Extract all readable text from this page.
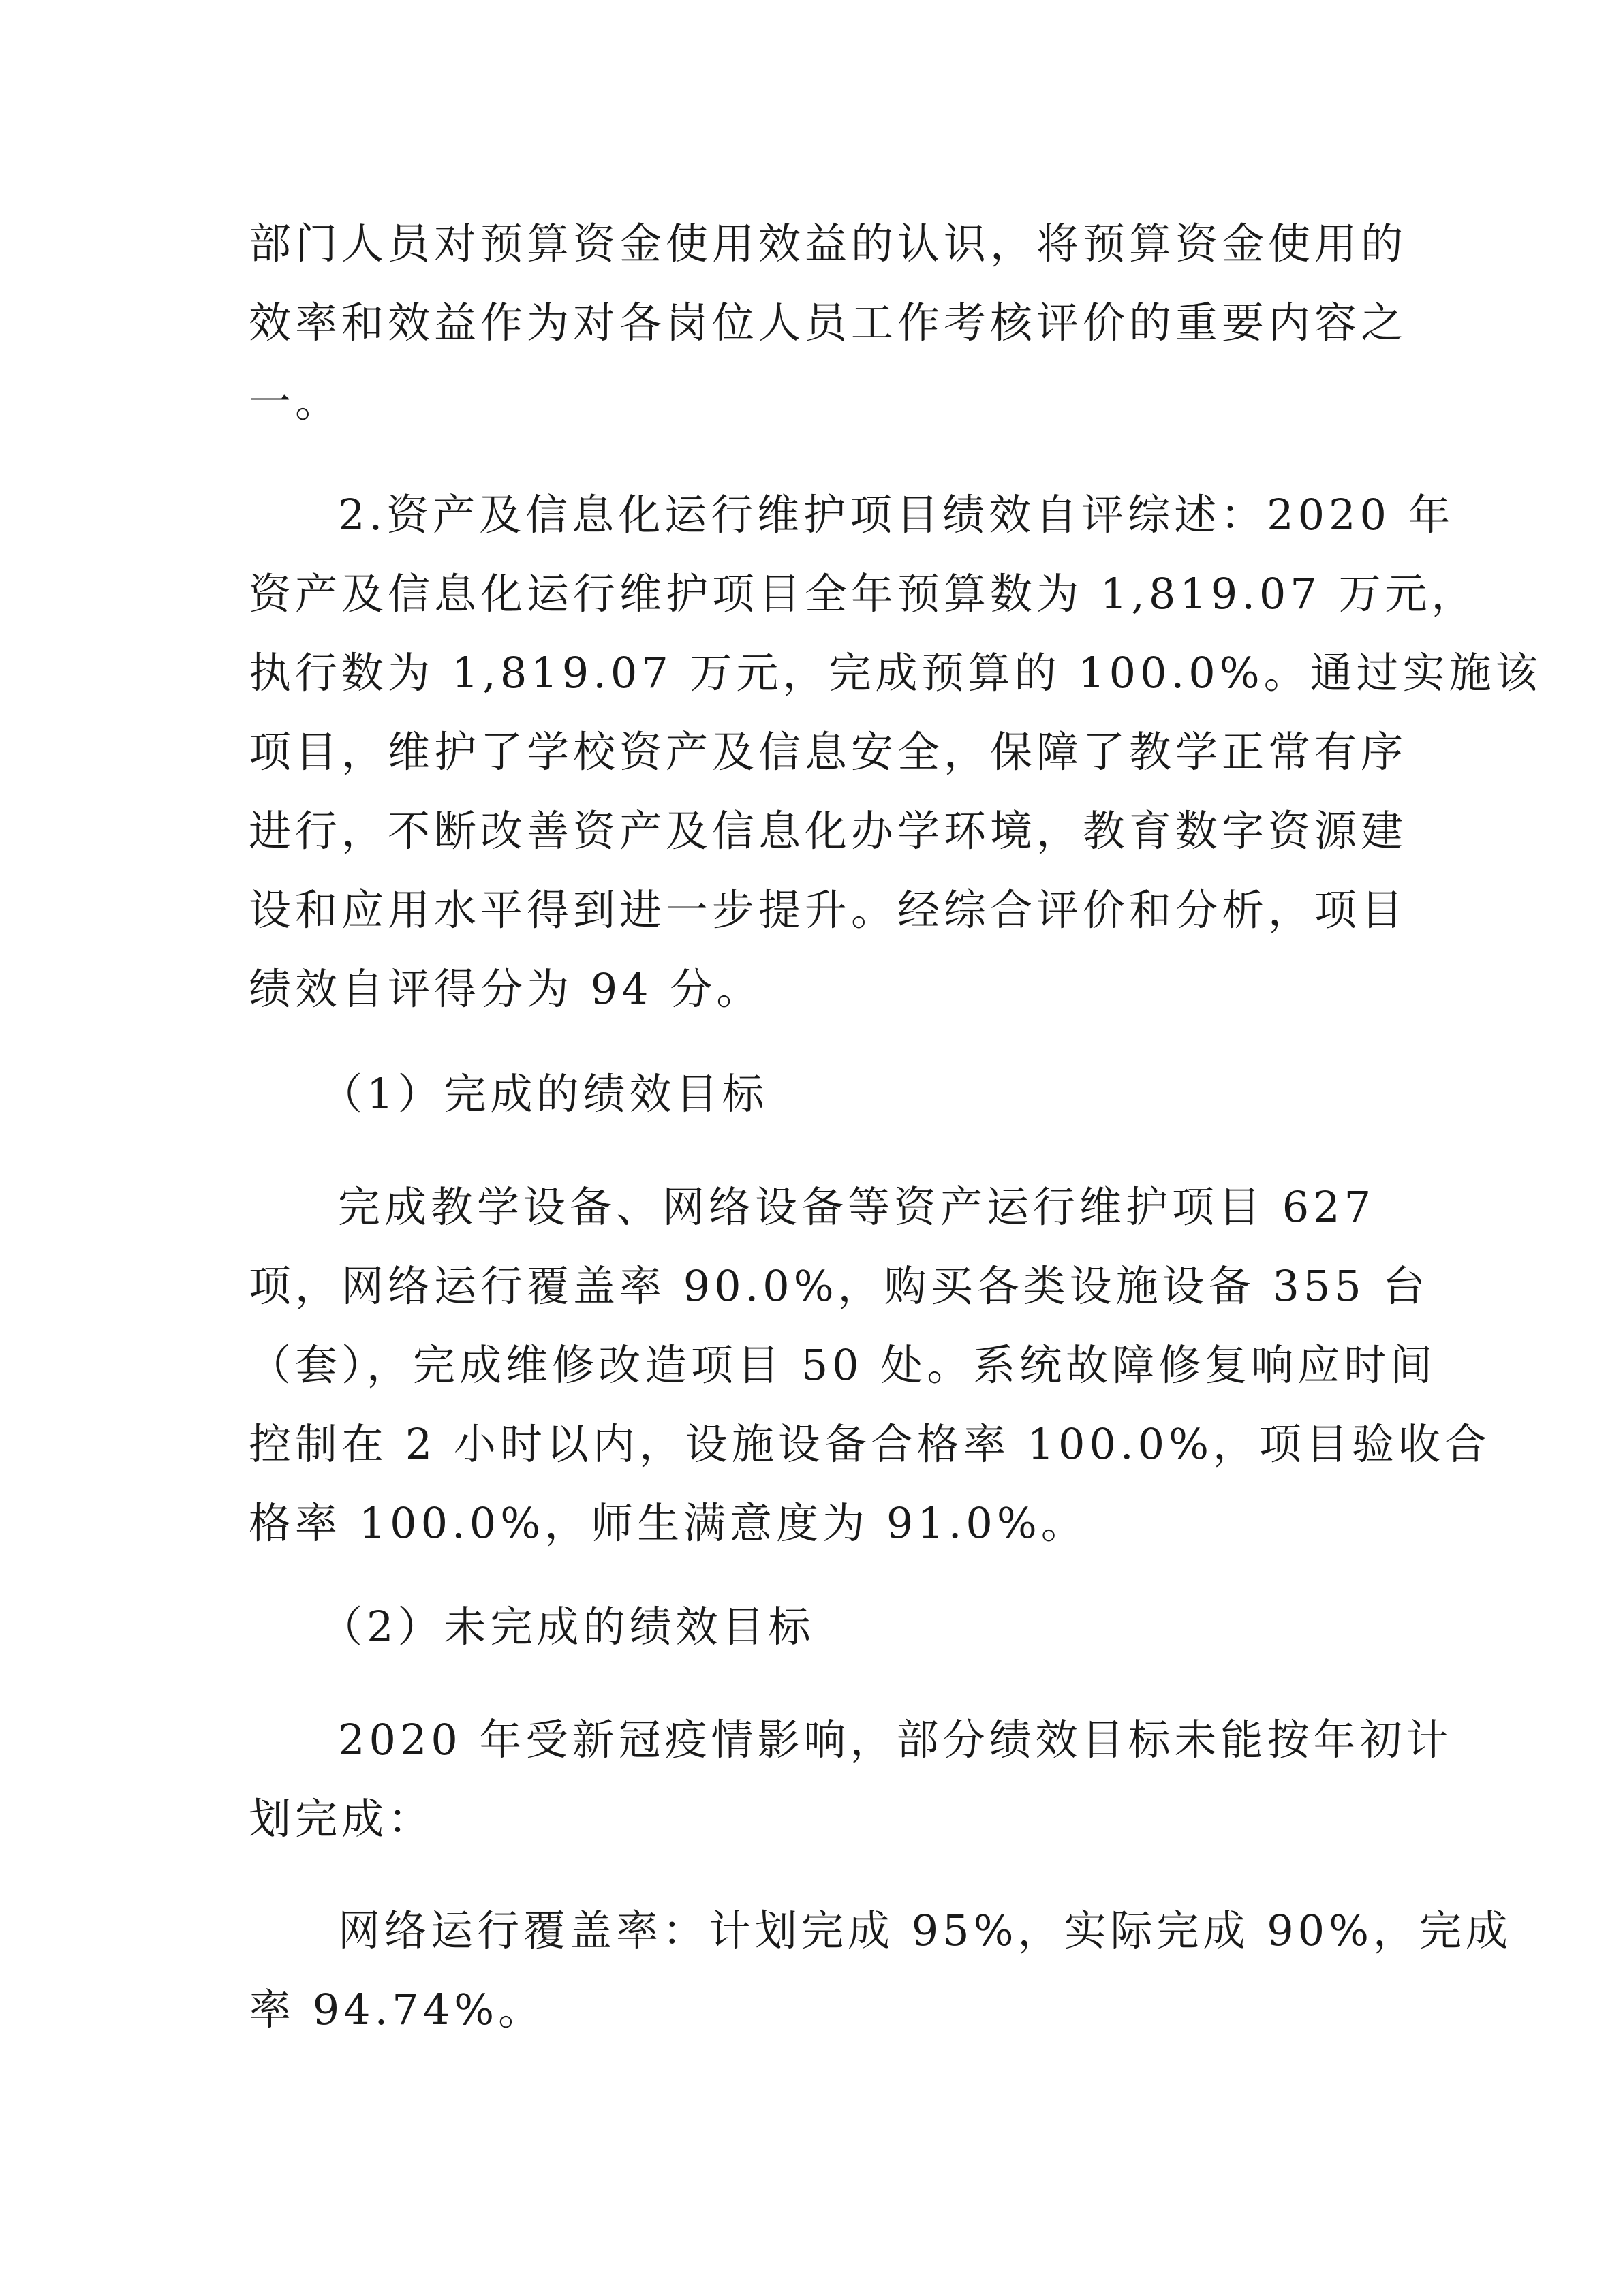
部门人员对预算资金使用效益的认识，将预算资金使用的

效率和效益作为对各岗位人员工作考核评价的重要内容之

一。

2.资产及信息化运行维护项目绩效自评综述：2020 年

资产及信息化运行维护项目全年预算数为 1,819.07 万元，

执行数为 1,819.07 万元，完成预算的 100.0%。通过实施该

项目，维护了学校资产及信息安全，保障了教学正常有序

进行，不断改善资产及信息化办学环境，教育数字资源建

设和应用水平得到进一步提升。经综合评价和分析，项目

绩效自评得分为 94 分。

（1）完成的绩效目标

完成教学设备、网络设备等资产运行维护项目 627

项，网络运行覆盖率 90.0%，购买各类设施设备 355 台

（套），完成维修改造项目 50 处。系统故障修复响应时间

控制在 2 小时以内，设施设备合格率 100.0%，项目验收合

格率 100.0%，师生满意度为 91.0%。

（2）未完成的绩效目标

2020 年受新冠疫情影响，部分绩效目标未能按年初计

划完成：

网络运行覆盖率：计划完成 95%，实际完成 90%，完成

率 94.74%。
